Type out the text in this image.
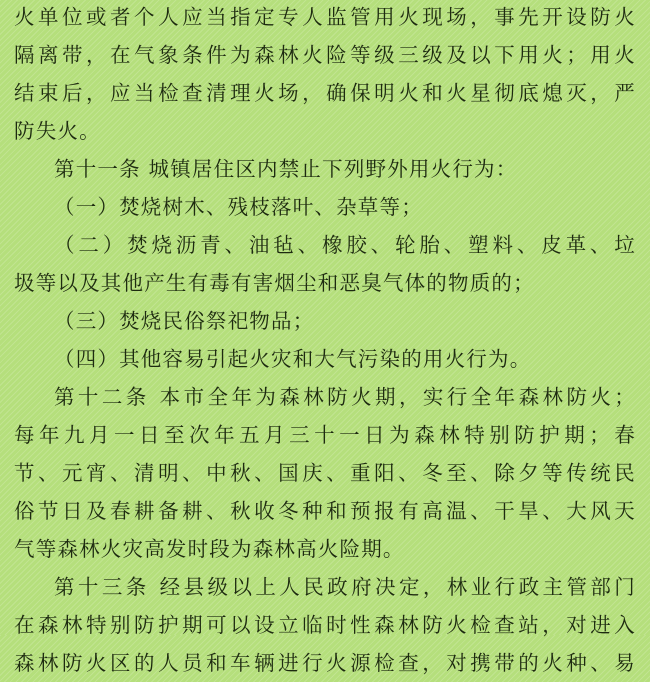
火单位或者个人应当指定专人监管用火现场，事先开设防火
隔离带，在气象条件为森林火险等级三级及以下用火；用火
结束后，应当检查清理火场，确保明火和火星彻底熄灭，严
防失火。
第十一条 城镇居住区内禁止下列野外用火行为：
（一）焚烧树木、残枝落叶、杂草等；
（二）焚烧沥青、油毡、橡胶、轮胎、塑料、皮革、垃
圾等以及其他产生有毒有害烟尘和恶臭气体的物质的；
（三）焚烧民俗祭祀物品；
（四）其他容易引起火灾和大气污染的用火行为。
第十二条 本市全年为森林防火期，实行全年森林防火；
每年九月一日至次年五月三十一日为森林特别防护期；春
节、元宵、清明、中秋、国庆、重阳、冬至、除夕等传统民
俗节日及春耕备耕、秋收冬种和预报有高温、干旱、大风天
气等森林火灾高发时段为森林高火险期。
第十三条 经县级以上人民政府决定，林业行政主管部门
在森林特别防护期可以设立临时性森林防火检查站，对进入
森林防火区的人员和车辆进行火源检查，对携带的火种、易
